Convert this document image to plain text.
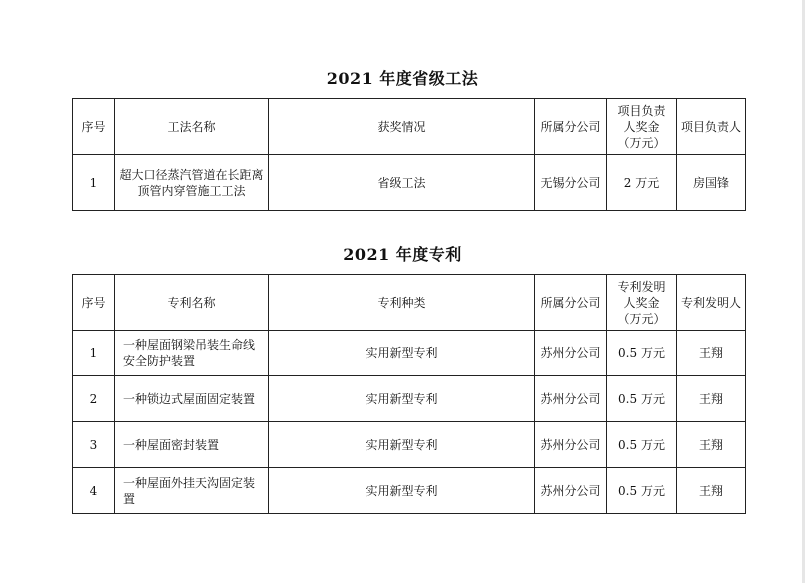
2021 年度省级工法
序号	工法名称	获奖情况	所属分公司	项目负责人奖金（万元）	项目负责人
1	超大口径蒸汽管道在长距离顶管内穿管施工工法	省级工法	无锡分公司	2 万元	房国锋
2021 年度专利
序号	专利名称	专利种类	所属分公司	专利发明人奖金（万元）	专利发明人
1	一种屋面钢梁吊装生命线安全防护装置	实用新型专利	苏州分公司	0.5 万元	王翔
2	一种锁边式屋面固定装置	实用新型专利	苏州分公司	0.5 万元	王翔
3	一种屋面密封装置	实用新型专利	苏州分公司	0.5 万元	王翔
4	一种屋面外挂天沟固定装置	实用新型专利	苏州分公司	0.5 万元	王翔
